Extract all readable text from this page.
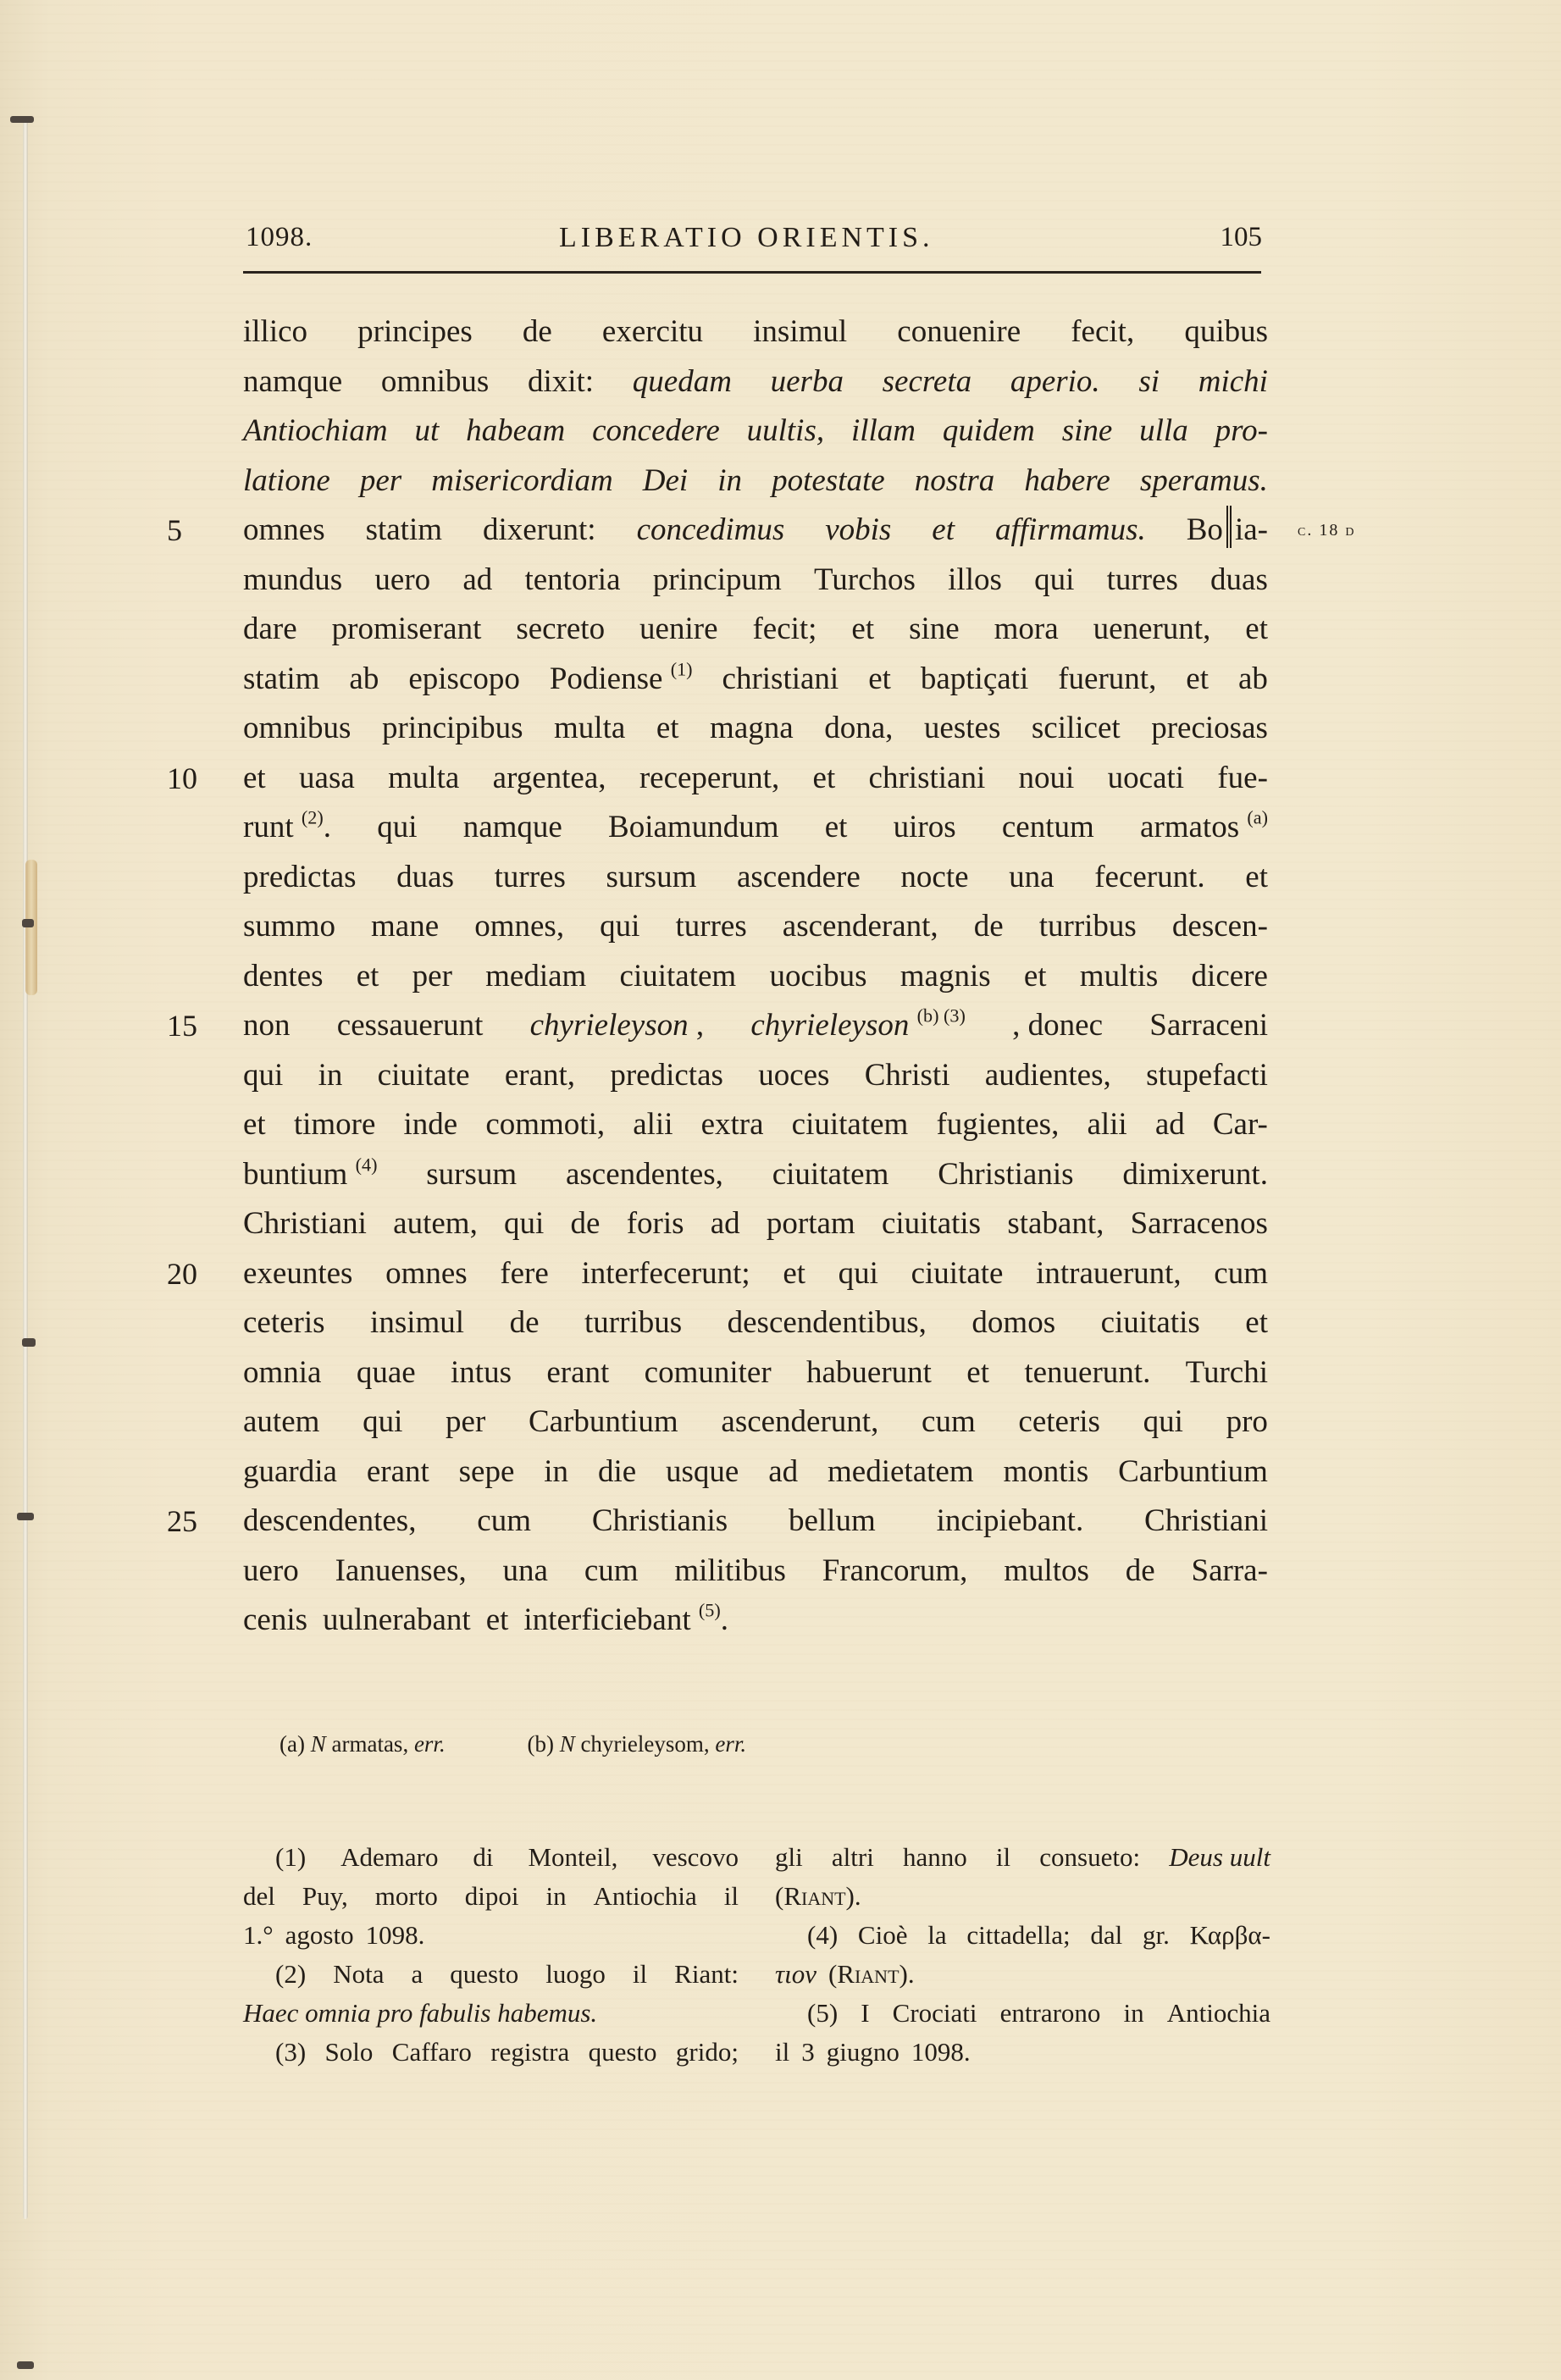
1098.	LIBERATIO ORIENTIS.	105
illico principes de exercitu insimul conuenire fecit, quibus
namque omnibus dixit: quedam uerba secreta aperio. si michi
Antiochiam ut habeam concedere uultis, illam quidem sine ulla pro-
latione per misericordiam Dei in potestate nostra habere speramus.
5	omnes statim dixerunt: concedimus vobis et affirmamus. Bo ia- c. 18 d
mundus uero ad tentoria principum Turchos illos qui turres duas
dare promiserant secreto uenire fecit; et sine mora uenerunt, et
statim ab episcopo Podiense $^{(1)}$ christiani et baptiçati fuerunt, et ab
omnibus principibus multa et magna dona, uestes scilicet preciosas
et uasa multa argentea, receperunt, et christiani noui uocati fue-
10
runt $^{(2)}$. qui namque Boiamundum et uiros centum armatos $^{(a)}$
predictas duas turres sursum ascendere nocte una fecerunt. et
summo mane omnes, qui turres ascenderant, de turribus descen-
dentes et per mediam ciuitatem uocibus magnis et multis dicere
15	non cessauerunt chyrieleyson , chyrieleyson $^{(b) (3)}$ , donec Sarraceni
qui in ciuitate erant, predictas uoces Christi audientes, stupefacti
et timore inde commoti, alii extra ciuitatem fugientes, alii ad Car-
buntium $^{(4)}$ sursum ascendentes, ciuitatem Christianis dimixerunt.
Christiani autem, qui de foris ad portam ciuitatis stabant, Sarracenos
exeuntes omnes fere interfecerunt; et qui ciuitate intrauerunt, cum
20
ceteris insimul de turribus descendentibus, domos ciuitatis et
omnia quae intus erant comuniter habuerunt et tenuerunt. Turchi
autem qui per Carbuntium ascenderunt, cum ceteris qui pro
guardia erant sepe in die usque ad medietatem montis Carbuntium
descendentes, cum Christianis bellum incipiebant. Christiani
25
uero Ianuenses, una cum militibus Francorum, multos de Sarra-
cenis uulnerabant et interficiebant $^{(5)}$.
(a) N armatas, err.	(b) N chyrieleysom, err.
(1) Ademaro di Monteil, vescovo
del Puy, morto dipoi in Antiochia il
1.° agosto 1098.
(2) Nota a questo luogo il Riant:
Haec omnia pro fabulis habemus.
(3) Solo Caffaro registra questo grido;
gli altri hanno il consueto: Deus uult
(Riant).
(4) Cioè la cittadella; dal gr. Καρβα-
τιον (Riant).
(5) I Crociati entrarono in Antiochia
il 3 giugno 1098.
